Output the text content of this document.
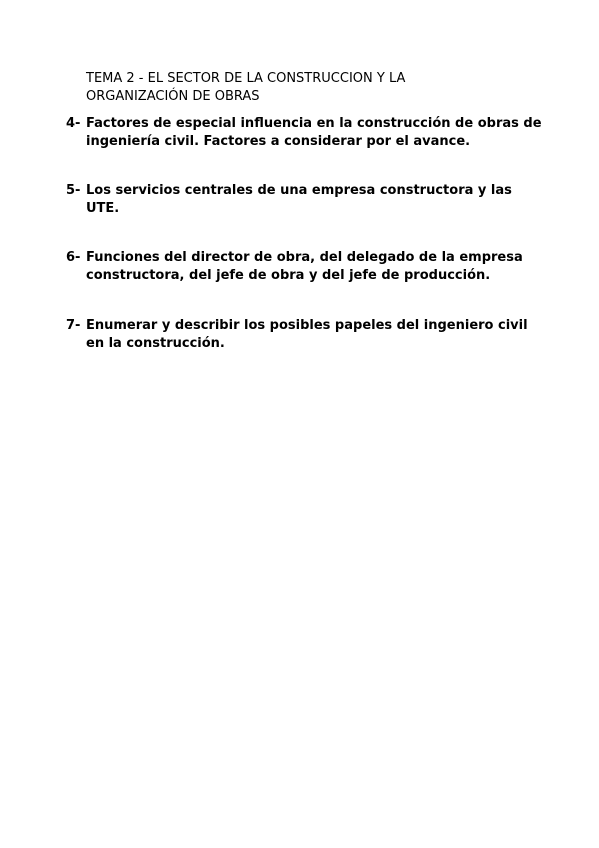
TEMA 2 - EL SECTOR DE LA CONSTRUCCION Y LA
ORGANIZACIÓN DE OBRAS
4- Factores de especial influencia en la construcción de obras de
ingeniería civil. Factores a considerar por el avance.
5- Los servicios centrales de una empresa constructora y las
UTE.
6- Funciones del director de obra, del delegado de la empresa
constructora, del jefe de obra y del jefe de producción.
7- Enumerar y describir los posibles papeles del ingeniero civil
en la construcción.
